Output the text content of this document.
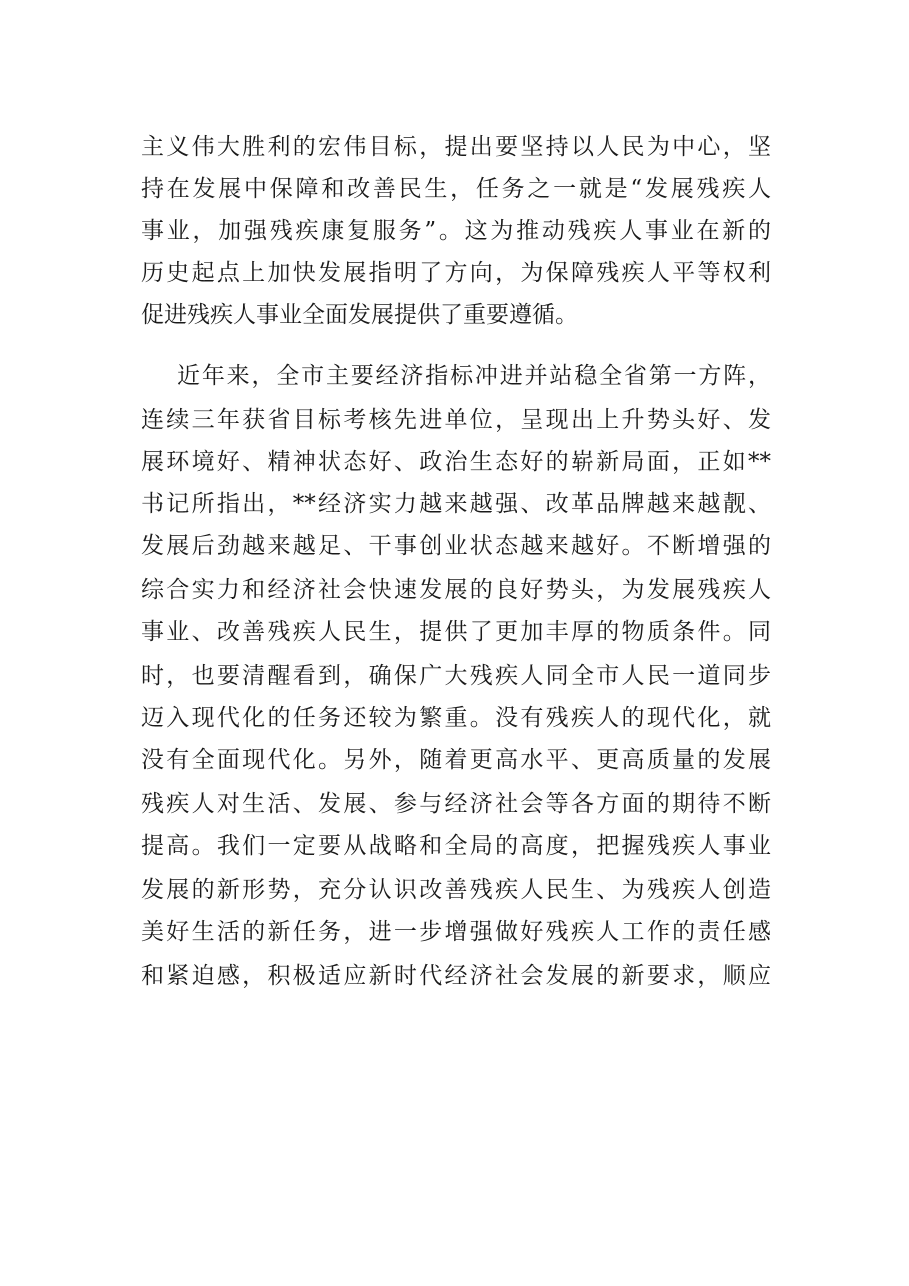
主义伟大胜利的宏伟目标，提出要坚持以人民为中心，坚
持在发展中保障和改善民生，任务之一就是“发展残疾人
事业，加强残疾康复服务”。这为推动残疾人事业在新的
历史起点上加快发展指明了方向，为保障残疾人平等权利
促进残疾人事业全面发展提供了重要遵循。
近年来，全市主要经济指标冲进并站稳全省第一方阵，
连续三年获省目标考核先进单位，呈现出上升势头好、发
展环境好、精神状态好、政治生态好的崭新局面，正如**
书记所指出，**经济实力越来越强、改革品牌越来越靓、
发展后劲越来越足、干事创业状态越来越好。不断增强的
综合实力和经济社会快速发展的良好势头，为发展残疾人
事业、改善残疾人民生，提供了更加丰厚的物质条件。同
时，也要清醒看到，确保广大残疾人同全市人民一道同步
迈入现代化的任务还较为繁重。没有残疾人的现代化，就
没有全面现代化。另外，随着更高水平、更高质量的发展
残疾人对生活、发展、参与经济社会等各方面的期待不断
提高。我们一定要从战略和全局的高度，把握残疾人事业
发展的新形势，充分认识改善残疾人民生、为残疾人创造
美好生活的新任务，进一步增强做好残疾人工作的责任感
和紧迫感，积极适应新时代经济社会发展的新要求，顺应
